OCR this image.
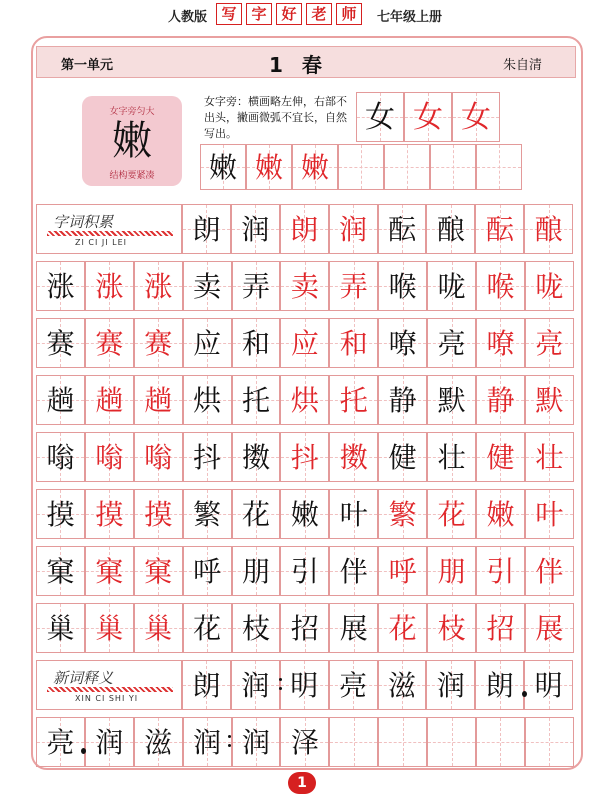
人教版 写 字 好 老 师	七年级上册
第一单元	1 春	朱自清
女字旁匀大
嫩
结构要紧凑
女字旁：横画略左伸，右部不出头，撇画微弧不宜长，自然写出。	女 女 女
嫩 嫩 嫩
字词积累
ZI CI JI LEI	朗 润 朗 润 酝 酿 酝 酿
涨 涨 涨 卖 弄 卖 弄 喉 咙 喉 咙
赛 赛 赛 应 和 应 和 嘹 亮 嘹 亮
趟 趟 趟 烘 托 烘 托 静 默 静 默
嗡 嗡 嗡 抖 擞 抖 擞 健 壮 健 壮
摸 摸 摸 繁 花 嫩 叶 繁 花 嫩 叶
窠 窠 窠 呼 朋 引 伴 呼 朋 引 伴
巢 巢 巢 花 枝 招 展 花 枝 招 展
新词释义
XIN CI SHI YI	朗 润 明 亮 滋 润 朗 明
亮 润 滋 润 润 泽
1
